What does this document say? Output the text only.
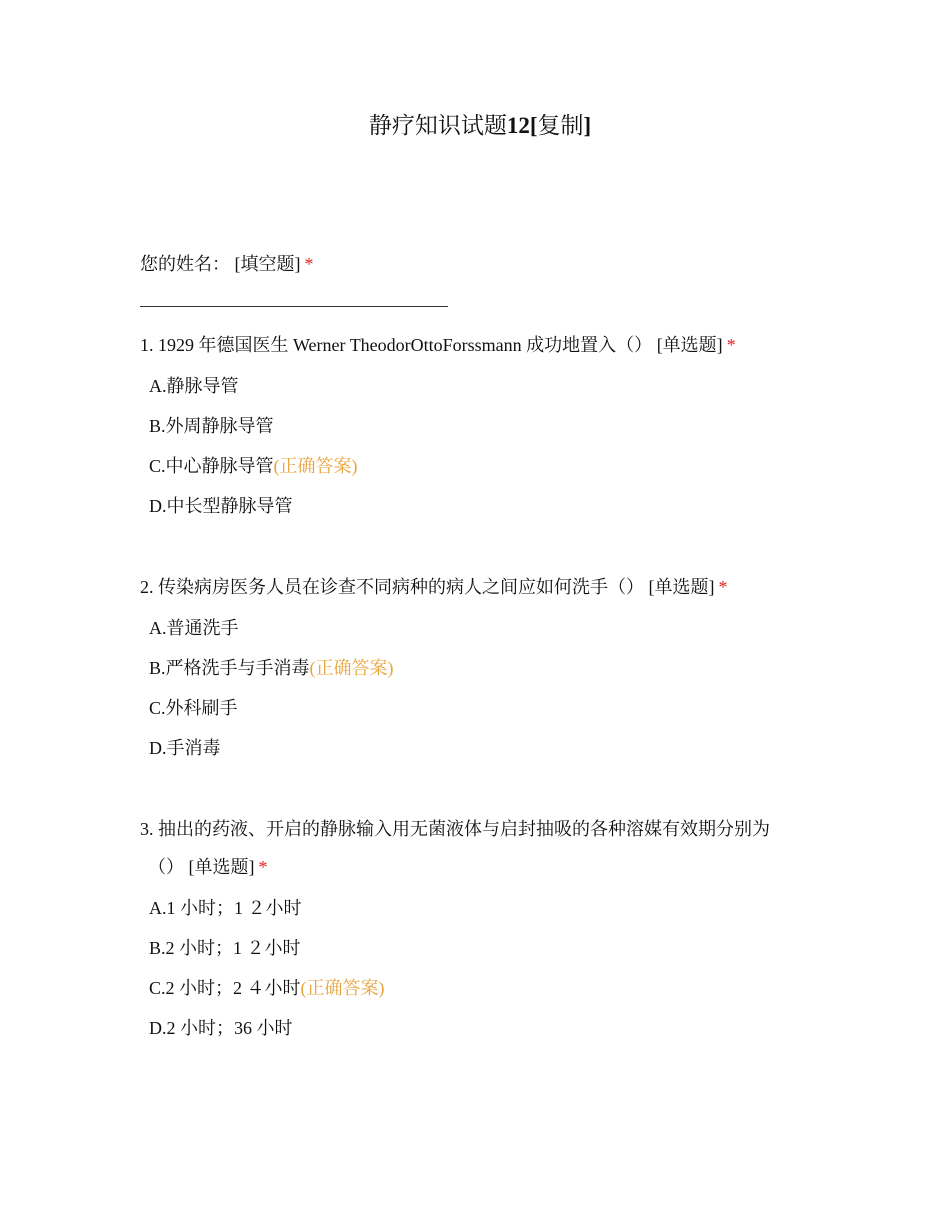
静疗知识试题12[复制]

您的姓名： [填空题] *

1. 1929 年德国医生 Werner TheodorOttoForssmann 成功地置入（） [单选题] *

A.静脉导管
B.外周静脉导管
C.中心静脉导管(正确答案)
D.中长型静脉导管

2. 传染病房医务人员在诊查不同病种的病人之间应如何洗手（） [单选题] *

A.普通洗手
B.严格洗手与手消毒(正确答案)
C.外科刷手
D.手消毒

3. 抽出的药液、开启的静脉输入用无菌液体与启封抽吸的各种溶媒有效期分别为

（） [单选题] *

A.1 小时；1 ２小时
B.2 小时；1 ２小时
C.2 小时；2 ４小时(正确答案)
D.2 小时；36 小时
